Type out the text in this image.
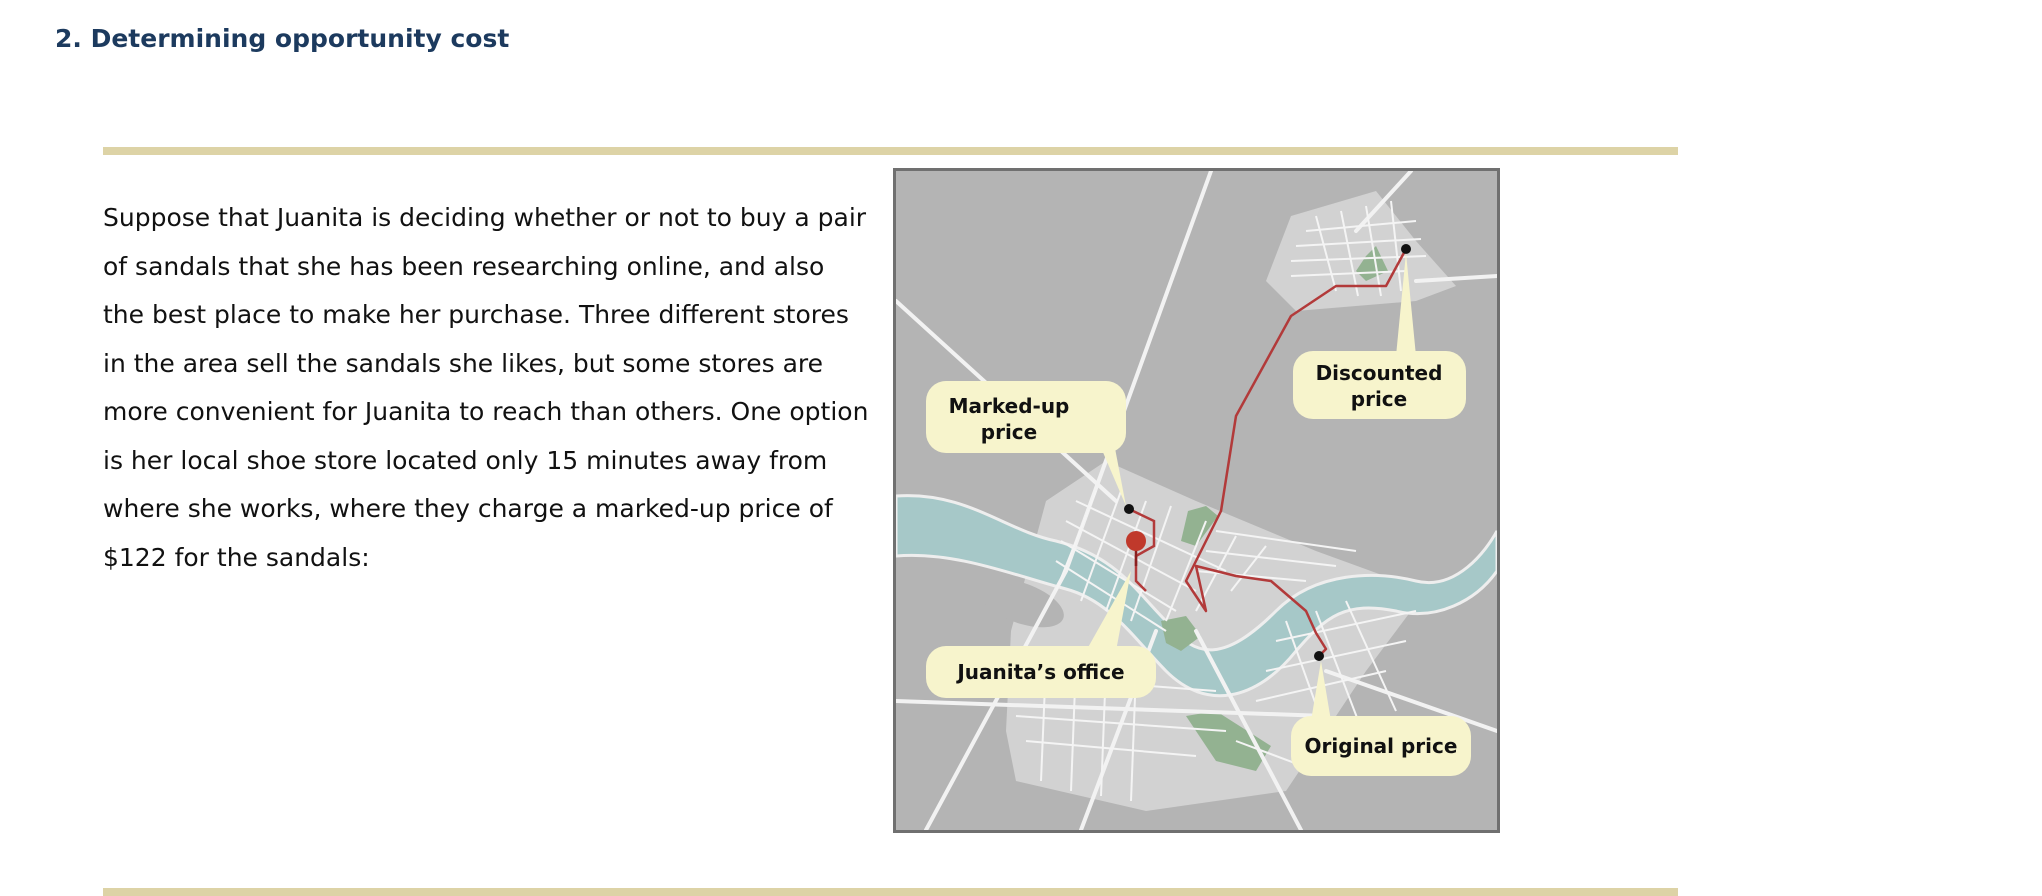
2. Determining opportunity cost

Suppose that Juanita is deciding whether or not to buy a pair of sandals that she has been researching online, and also the best place to make her purchase. Three different stores in the area sell the sandals she likes, but some stores are more convenient for Juanita to reach than others. One option is her local shoe store located only 15 minutes away from where she works, where they charge a marked-up price of $122 for the sandals:

Marked-up
price
Discounted
price
Juanita’s office
Original price
